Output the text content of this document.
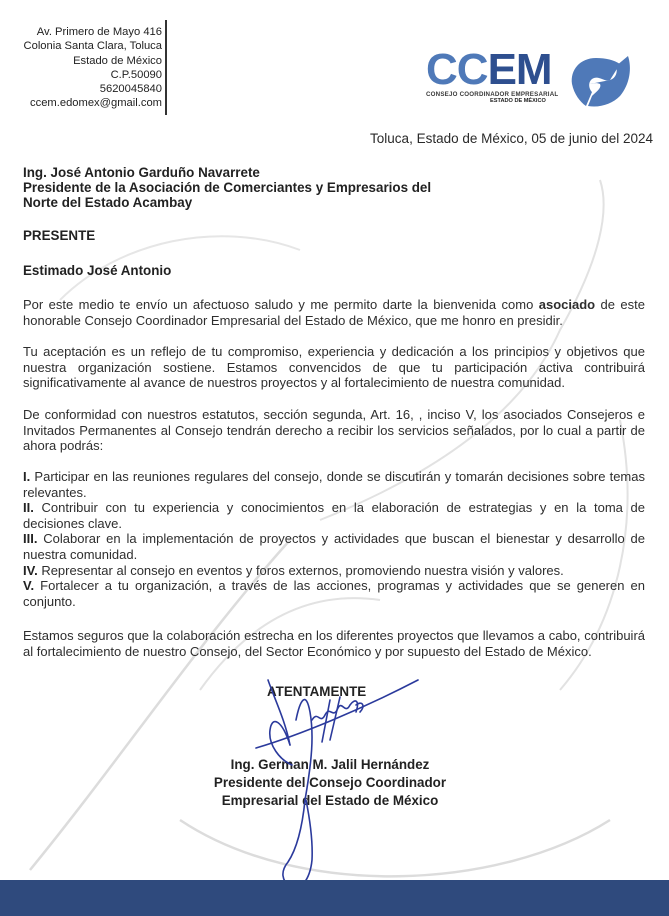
Av. Primero de Mayo 416
Colonia Santa Clara, Toluca
Estado de México
C.P.50090
5620045840
ccem.edomex@gmail.com
CCEM
CONSEJO COORDINADOR EMPRESARIAL
ESTADO DE MÉXICO
Toluca, Estado de México, 05 de junio del 2024
Ing. José Antonio Garduño Navarrete
Presidente de la Asociación de Comerciantes y Empresarios del
Norte del Estado Acambay
PRESENTE
Estimado José Antonio
Por este medio te envío un afectuoso saludo y me permito darte la bienvenida como asociado de este honorable Consejo Coordinador Empresarial del Estado de México, que me honro en presidir.
Tu aceptación es un reflejo de tu compromiso, experiencia y dedicación a los principios y objetivos que nuestra organización sostiene. Estamos convencidos de que tu participación activa contribuirá significativamente al avance de nuestros proyectos y al fortalecimiento de nuestra comunidad.
De conformidad con nuestros estatutos, sección segunda, Art. 16, , inciso V, los asociados Consejeros e Invitados Permanentes al Consejo tendrán derecho a recibir los servicios señalados, por lo cual a partir de ahora podrás:
I. Participar en las reuniones regulares del consejo, donde se discutirán y tomarán decisiones sobre temas relevantes.
II. Contribuir con tu experiencia y conocimientos en la elaboración de estrategias y en la toma de decisiones clave.
III. Colaborar en la implementación de proyectos y actividades que buscan el bienestar y desarrollo de nuestra comunidad.
IV. Representar al consejo en eventos y foros externos, promoviendo nuestra visión y valores.
V. Fortalecer a tu organización, a través de las acciones, programas y actividades que se generen en conjunto.
Estamos seguros que la colaboración estrecha en los diferentes proyectos que llevamos a cabo, contribuirá al fortalecimiento de nuestro Consejo, del Sector Económico y por supuesto del Estado de México.
ATENTAMENTE
Ing. German M. Jalil Hernández
Presidente del Consejo Coordinador
Empresarial del Estado de México
